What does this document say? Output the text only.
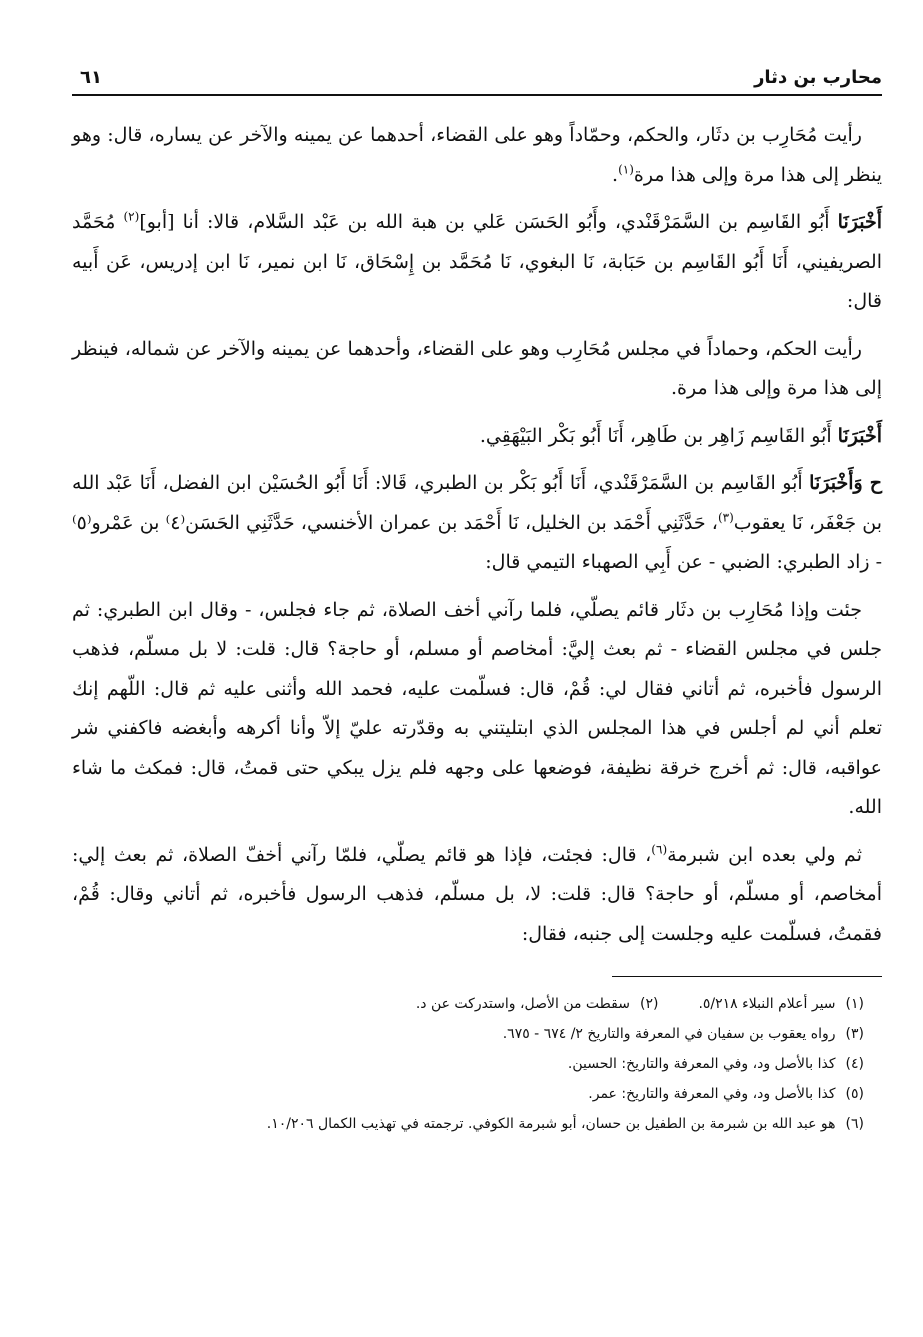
محارب بن دثار
٦١

رأيت مُحَارِب بن دثَار، والحكم، وحمّاداً وهو على القضاء، أحدهما عن يمينه والآخر عن يساره، قال: وهو ينظر إلى هذا مرة وإلى هذا مرة$^{(١)}$.

أَخْبَرَنَا أَبُو القَاسِم بن السَّمَرْقَنْدي، وأَبُو الحَسَن عَلي بن هبة الله بن عَبْد السَّلام، قالا: أنا [أبو]$^{(٢)}$ مُحَمَّد الصريفيني، أَنَا أَبُو القَاسِم بن حَبَابة، نَا البغوي، نَا مُحَمَّد بن إِسْحَاق، نَا ابن نمير، نَا ابن إدريس، عَن أَبيه قال:

رأيت الحكم، وحماداً في مجلس مُحَارِب وهو على القضاء، وأحدهما عن يمينه والآخر عن شماله، فينظر إلى هذا مرة وإلى هذا مرة.

أَخْبَرَنَا أَبُو القَاسِم زَاهِر بن طَاهِر، أَنَا أَبُو بَكْر البَيْهَقِي.

ح وَأَخْبَرَنَا أَبُو القَاسِم بن السَّمَرْقَنْدي، أَنَا أَبُو بَكْر بن الطبري، قَالا: أَنَا أَبُو الحُسَيْن ابن الفضل، أَنَا عَبْد الله بن جَعْفَر، نَا يعقوب$^{(٣)}$، حَدَّثَنِي أَحْمَد بن الخليل، نَا أَحْمَد بن عمران الأخنسي، حَدَّثَنِي الحَسَن⁽٤⁾ بن عَمْرو⁽٥⁾ - زاد الطبري: الضبي - عن أَبِي الصهباء التيمي قال:

جئت وإذا مُحَارِب بن دثَار قائم يصلّي، فلما رآني أخف الصلاة، ثم جاء فجلس، - وقال ابن الطبري: ثم جلس في مجلس القضاء - ثم بعث إليَّ: أمخاصم أو مسلم، أو حاجة؟ قال: قلت: لا بل مسلّم، فذهب الرسول فأخبره، ثم أتاني فقال لي: قُمْ، قال: فسلّمت عليه، فحمد الله وأثنى عليه ثم قال: اللّهم إنك تعلم أني لم أجلس في هذا المجلس الذي ابتليتني به وقدّرته عليّ إلاّ وأنا أكرهه وأبغضه فاكفني شر عواقبه، قال: ثم أخرج خرقة نظيفة، فوضعها على وجهه فلم يزل يبكي حتى قمتُ، قال: فمكث ما شاء الله.

ثم ولي بعده ابن شبرمة$^{(٦)}$، قال: فجئت، فإذا هو قائم يصلّي، فلمّا رآني أخفّ الصلاة، ثم بعث إلي: أمخاصم، أو مسلّم، أو حاجة؟ قال: قلت: لا، بل مسلّم، فذهب الرسول فأخبره، ثم أتاني وقال: قُمْ، فقمتُ، فسلّمت عليه وجلست إلى جنبه، فقال:

(١)سير أعلام النبلاء ٥/٢١٨.
(٢)سقطت من الأصل، واستدركت عن د.
(٣)رواه يعقوب بن سفيان في المعرفة والتاريخ ٢/ ٦٧٤ - ٦٧٥.
(٤)كذا بالأصل ود، وفي المعرفة والتاريخ: الحسين.
(٥)كذا بالأصل ود، وفي المعرفة والتاريخ: عمر.
(٦)هو عبد الله بن شبرمة بن الطفيل بن حسان، أبو شبرمة الكوفي. ترجمته في تهذيب الكمال ١٠/٢٠٦.
